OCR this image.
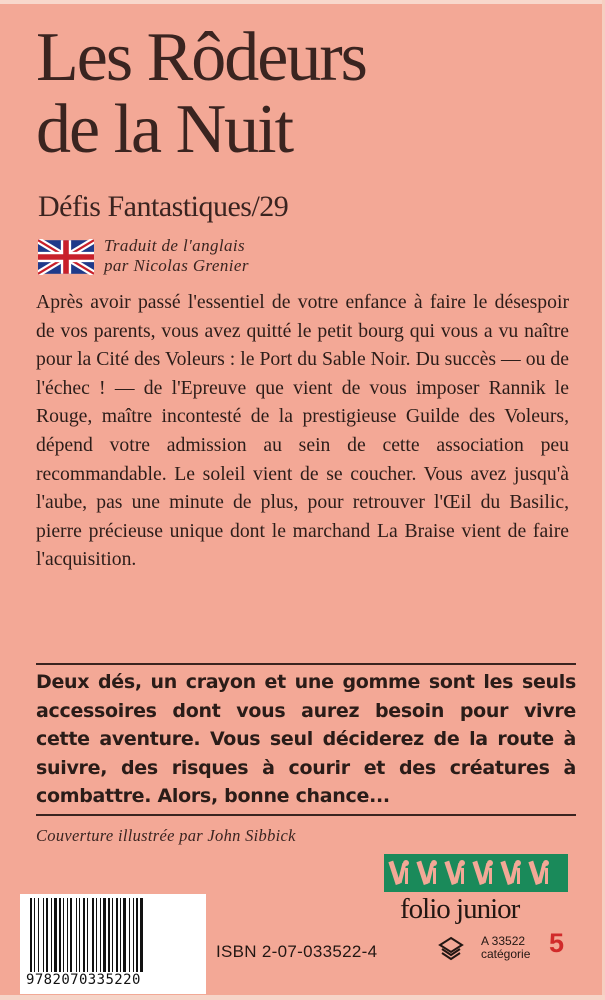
Les Rôdeurs
de la Nuit
Défis Fantastiques/29
Traduit de l'anglais
par Nicolas Grenier

Après avoir passé l'essentiel de votre enfance à faire le désespoir de vos parents, vous avez quitté le petit bourg qui vous a vu naître pour la Cité des Voleurs : le Port du Sable Noir. Du succès — ou de l'échec ! — de l'Epreuve que vient de vous imposer Rannik le Rouge, maître incontesté de la prestigieuse Guilde des Voleurs, dépend votre admission au sein de cette association peu recommandable. Le soleil vient de se coucher. Vous avez jusqu'à l'aube, pas une minute de plus, pour retrouver l'Œil du Basilic, pierre précieuse unique dont le marchand La Braise vient de faire l'acquisition.

Deux dés, un crayon et une gomme sont les seuls accessoires dont vous aurez besoin pour vivre cette aventure. Vous seul déciderez de la route à suivre, des risques à courir et des créatures à combattre. Alors, bonne chance...

Couverture illustrée par John Sibbick
folio junior
9782070335220
ISBN 2-07-033522-4
A 33522
catégorie 5
